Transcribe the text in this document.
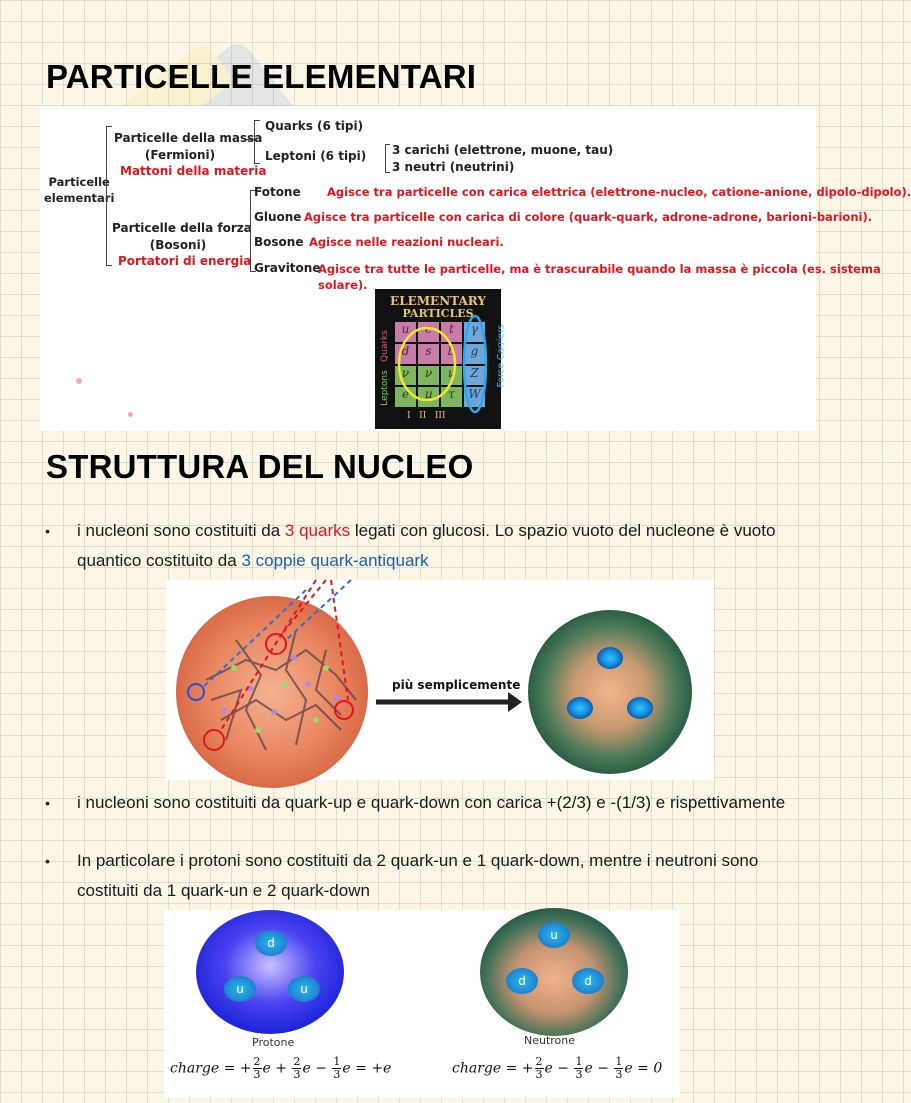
PARTICELLE ELEMENTARI
Particelle
elementari
Particelle della massa
(Fermioni)
Mattoni della materia
Quarks (6 tipi)
Leptoni (6 tipi) 3 carichi (elettrone, muone, tau)
3 neutri (neutrini)
Particelle della forza
(Bosoni)
Portatori di energia
Fotone Agisce tra particelle con carica elettrica (elettrone-nucleo, catione-anione, dipolo-dipolo).
Gluone Agisce tra particelle con carica di colore (quark-quark, adrone-adrone, barioni-barioni).
Bosone Agisce nelle reazioni nucleari.
Gravitone
Agisce tra tutte le particelle, ma è trascurabile quando la massa è piccola (es. sistema
solare).
ELEMENTARY
PARTICLES
Quarks
Leptons
Force Carriers
u	c	t	γ
d	s	b	g
ν	ν	ν	Z
e	μ	τ	W
I   II   III
STRUTTURA DEL NUCLEO
• i nucleoni sono costituiti da 3 quarks legati con glucosi. Lo spazio vuoto del nucleone è vuoto quantico costituito da 3 coppie quark-antiquark
più semplicemente
• i nucleoni sono costituiti da quark-up e quark-down con carica +(2/3) e -(1/3) e rispettivamente
• In particolare i protoni sono costituiti da 2 quark-un e 1 quark-down, mentre i neutroni sono costituiti da 1 quark-un e 2 quark-down
d
u	u
Protone
u
d	d
Neutrone
charge = + $\frac{2}{3}$ $e + \frac{2}{3}$ $e - \frac{1}{3}$ e = +e	charge = + $\frac{2}{3}$ $e - \frac{1}{3}$ $e - \frac{1}{3}$ e = 0
